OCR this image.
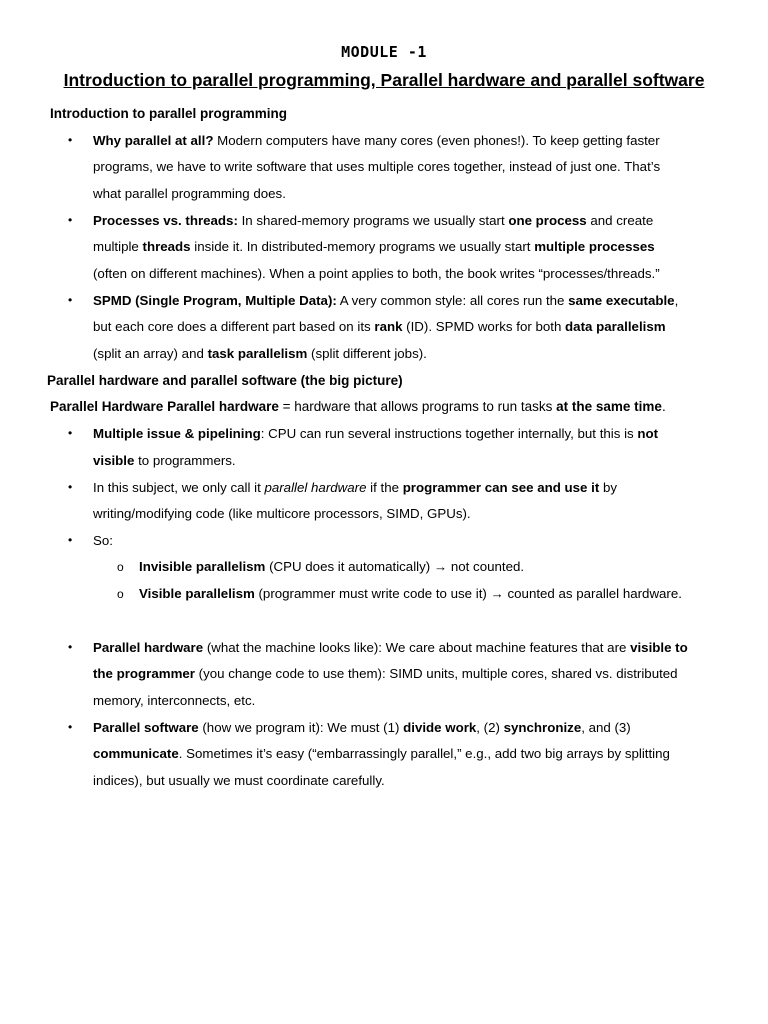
MODULE -1
Introduction to parallel programming, Parallel hardware and parallel software
Introduction to parallel programming
• Why parallel at all? Modern computers have many cores (even phones!). To keep getting faster
programs, we have to write software that uses multiple cores together, instead of just one. That’s
what parallel programming does.
• Processes vs. threads: In shared-memory programs we usually start one process and create
multiple threads inside it. In distributed-memory programs we usually start multiple processes
(often on different machines). When a point applies to both, the book writes “processes/threads.”
• SPMD (Single Program, Multiple Data): A very common style: all cores run the same executable,
but each core does a different part based on its rank (ID). SPMD works for both data parallelism
(split an array) and task parallelism (split different jobs).
Parallel hardware and parallel software (the big picture)
Parallel Hardware Parallel hardware = hardware that allows programs to run tasks at the same time.
• Multiple issue & pipelining: CPU can run several instructions together internally, but this is not
visible to programmers.
• In this subject, we only call it parallel hardware if the programmer can see and use it by
writing/modifying code (like multicore processors, SIMD, GPUs).
• So:
o Invisible parallelism (CPU does it automatically) → not counted.
o Visible parallelism (programmer must write code to use it) → counted as parallel hardware.
• Parallel hardware (what the machine looks like): We care about machine features that are visible to
the programmer (you change code to use them): SIMD units, multiple cores, shared vs. distributed
memory, interconnects, etc.
• Parallel software (how we program it): We must (1) divide work, (2) synchronize, and (3)
communicate. Sometimes it’s easy (“embarrassingly parallel,” e.g., add two big arrays by splitting
indices), but usually we must coordinate carefully.
